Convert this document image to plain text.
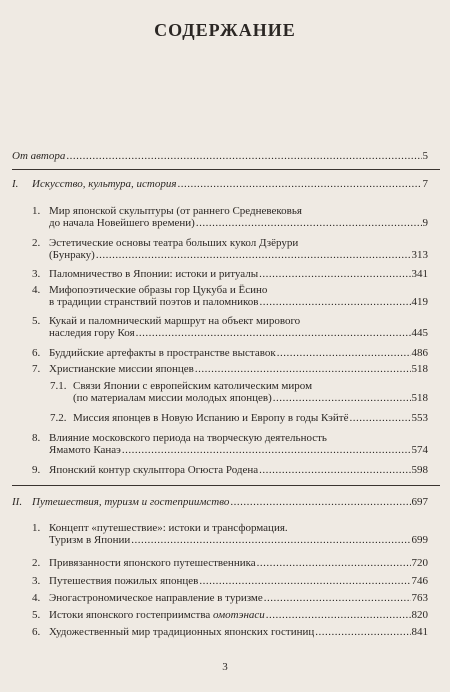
СОДЕРЖАНИЕ
От автора .....	5
I. Искусство, культура, история .....	7
1. Мир японской скульптуры (от раннего Средневековья
до начала Новейшего времени) .....	9
2. Эстетические основы театра больших кукол Дзёрури
(Бунраку) .....	313
3. Паломничество в Японии: истоки и ритуалы .....	341
4. Мифопоэтические образы гор Цукуба и Ёсино
в традиции странствий поэтов и паломников .....	419
5. Кукай и паломнический маршрут на объект мирового
наследия гору Коя .....	445
6. Буддийские артефакты в пространстве выставок .....	486
7. Христианские миссии японцев .....	518
7.1. Связи Японии с европейским католическим миром
(по материалам миссии молодых японцев) .....	518
7.2. Миссия японцев в Новую Испанию и Европу в годы Кэйтё .....	553
8. Влияние московского периода на творческую деятельность
Ямамото Канаэ .....	574
9. Японский контур скульптора Огюста Родена .....	598
II. Путешествия, туризм и гостеприимство .....	697
1. Концепт «путешествие»: истоки и трансформация.
Туризм в Японии .....	699
2. Привязанности японского путешественника .....	720
3. Путешествия пожилых японцев .....	746
4. Эногастрономическое направление в туризме .....	763
5. Истоки японского гостеприимства омотэнаси .....	820
6. Художественный мир традиционных японских гостиниц .....	841
3
